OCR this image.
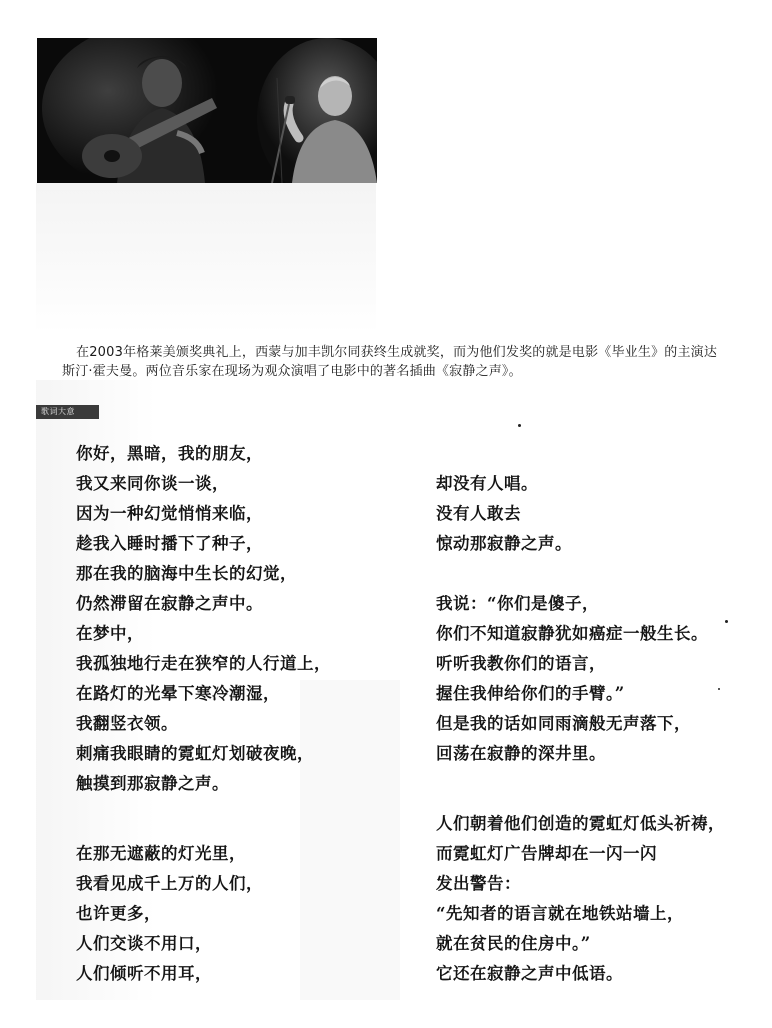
在2003年格莱美颁奖典礼上，西蒙与加丰凯尔同获终生成就奖，而为他们发奖的就是电影《毕业生》的主演达斯汀·霍夫曼。两位音乐家在现场为观众演唱了电影中的著名插曲《寂静之声》。
歌词大意
你好，黑暗，我的朋友，
我又来同你谈一谈，
因为一种幻觉悄悄来临，
趁我入睡时播下了种子，
那在我的脑海中生长的幻觉，
仍然滞留在寂静之声中。
在梦中，
我孤独地行走在狭窄的人行道上，
在路灯的光晕下寒冷潮湿，
我翻竖衣领。
刺痛我眼睛的霓虹灯划破夜晚，
触摸到那寂静之声。
在那无遮蔽的灯光里，
我看见成千上万的人们，
也许更多，
人们交谈不用口，
人们倾听不用耳，
却没有人唱。
没有人敢去
惊动那寂静之声。
我说：“你们是傻子，
你们不知道寂静犹如癌症一般生长。
听听我教你们的语言，
握住我伸给你们的手臂。”
但是我的话如同雨滴般无声落下，
回荡在寂静的深井里。
人们朝着他们创造的霓虹灯低头祈祷，
而霓虹灯广告牌却在一闪一闪
发出警告：
“先知者的语言就在地铁站墙上，
就在贫民的住房中。”
它还在寂静之声中低语。
